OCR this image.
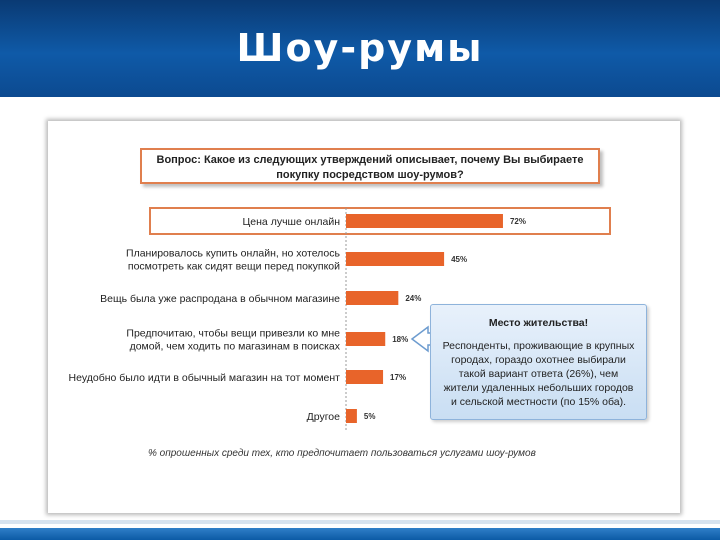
Шоу-румы
Вопрос: Какое из следующих утверждений описывает, почему Вы выбираете
покупку посредством шоу-румов?
72%
Цена лучше онлайн
45%
Планировалось купить онлайн, но хотелось
посмотреть как сидят вещи перед покупкой
24%
Вещь была уже распродана в обычном магазине
18%
Предпочитаю, чтобы вещи привезли ко мне
домой, чем ходить по магазинам в поисках
17%
Неудобно было идти в обычный магазин на тот момент
5%
Другое
Место жительства!
Респонденты, проживающие в крупных городах, гораздо охотнее выбирали такой вариант ответа (26%), чем жители удаленных небольших городов и сельской местности (по 15% оба).
% опрошенных среди тех, кто предпочитает пользоваться услугами шоу-румов
